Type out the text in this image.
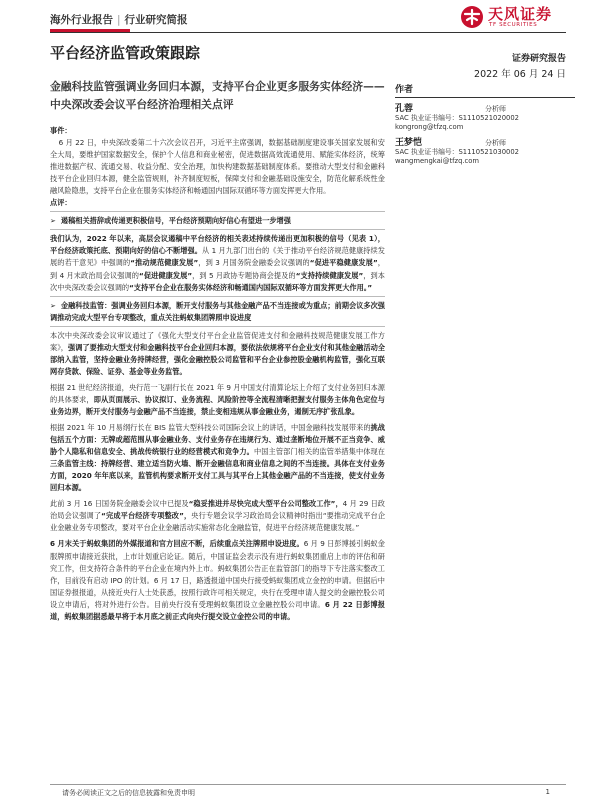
海外行业报告 | 行业研究简报	天风证券
TF SECURITIES
平台经济监管政策跟踪	证券研究报告
2022 年 06 月 24 日
金融科技监管强调业务回归本源，支持平台企业更多服务实体经济——中央深改委会议平台经济治理相关点评
作者
孔蓉	分析师
SAC 执业证书编号：S1110521020002
kongrong@tfzq.com
王梦恺	分析师
SAC 执业证书编号：S1110521030002
wangmengkai@tfzq.com

事件：

6 月 22 日，中央深改委第二十六次会议召开，习近平主席强调，数据基础制度建设事关国家发展和安全大局，要维护国家数据安全，保护个人信息和商业秘密，促进数据高效流通使用、赋能实体经济，统筹推进数据产权、流通交易、收益分配、安全治理，加快构建数据基础制度体系。要推动大型支付和金融科技平台企业回归本源，健全监管规则，补齐制度短板，保障支付和金融基础设施安全，防范化解系统性金融风险隐患，支持平台企业在服务实体经济和畅通国内国际双循环等方面发挥更大作用。

点评：

➢ 遏稿相关措辞或传递更积极信号，平台经济预期向好信心有望进一步增强

我们认为，2022 年以来，高层会议遏稿中平台经济的相关表述持续传递出更加积极的信号（见表 1），平台经济政策托底、预期向好的信心不断增强。从 1 月九部门出台的《关于推动平台经济规范健康持续发展的若干意见》中强调的“推动规范健康发展”，到 3 月国务院金融委会议强调的“促进平稳健康发展”，到 4 月末政治局会议强调的“促进健康发展”，到 5 月政协专题协商会提及的“支持持续健康发展”，到本次中央深改委会议强调的“支持平台企业在服务实体经济和畅通国内国际双循环等方面发挥更大作用。”

➢ 金融科技监管：强调业务回归本源，断开支付服务与其他金融产品不当连接或为重点；前期会议多次强调推动完成大型平台专项整改，重点关注蚂蚁集团牌照申设进度

本次中央深改委会议审议通过了《强化大型支付平台企业监管促进支付和金融科技规范健康发展工作方案》，强调了要推动大型支付和金融科技平台企业回归本源，要依法依规将平台企业支付和其他金融活动全部纳入监管，坚持金融业务持牌经营，强化金融控股公司监管和平台企业参控股金融机构监管，强化互联网存贷款、保险、证券、基金等业务监管。

根据 21 世纪经济报道，央行范一飞副行长在 2021 年 9 月中国支付清算论坛上介绍了支付业务回归本源的具体要求，即从页面展示、协议拟订、业务流程、风险阶控等全流程清晰把握支付服务主体角色定位与业务边界，断开支付服务与金融产品不当连接，禁止变相违规从事金融业务，遏制无序扩张乱象。

根据 2021 年 10 月易纲行长在 BIS 监管大型科技公司国际会议上的讲话，中国金融科技发展带来的挑战包括五个方面：无牌或超范围从事金融业务、支付业务存在违规行为、通过垄断地位开展不正当竞争、威胁个人隐私和信息安全、挑战传统银行业的经营模式和竞争力。中国主管部门相关的监管举措集中体现在三条监管主线：持牌经营、建立适当防火墙、断开金融信息和商业信息之间的不当连接。具体在支付业务方面，2020 年年底以来，监管机构要求断开支付工具与其平台上其他金融产品的不当连接，使支付业务回归本源。

此前 3 月 16 日国务院金融委会议中已提及“稳妥推进并尽快完成大型平台公司整改工作”，4 月 29 日政治局会议强调了“完成平台经济专项整改”，央行专题会议学习政治局会议精神时指出“要推动完成平台企业金融业务专项整改，要对平台企业金融活动实施常态化金融监管，促进平台经济规范健康发展。”

6 月末关于蚂蚁集团的外媒报道和官方回应不断，后续重点关注牌照申设进度。6 月 9 日彭博援引蚂蚁金服牌照申请接近获批，上市计划重启论证。随后，中国证监会表示没有进行蚂蚁集团重启上市的评估和研究工作，但支持符合条件的平台企业在境内外上市。蚂蚁集团公告正在监管部门的指导下专注落实整改工作，目前没有启动 IPO 的计划。6 月 17 日，路透报道中国央行接受蚂蚁集团成立金控的申请。但据后中国证券报报道，从接近央行人士处获悉，按照行政许可相关规定，央行在受理申请人提交的金融控股公司设立申请后，将对外进行公告。目前央行没有受理蚂蚁集团设立金融控股公司申请。6 月 22 日彭博报道，蚂蚁集团据悉最早将于本月底之前正式向央行提交设立金控公司的申请。

请务必阅读正文之后的信息披露和免责申明	1
